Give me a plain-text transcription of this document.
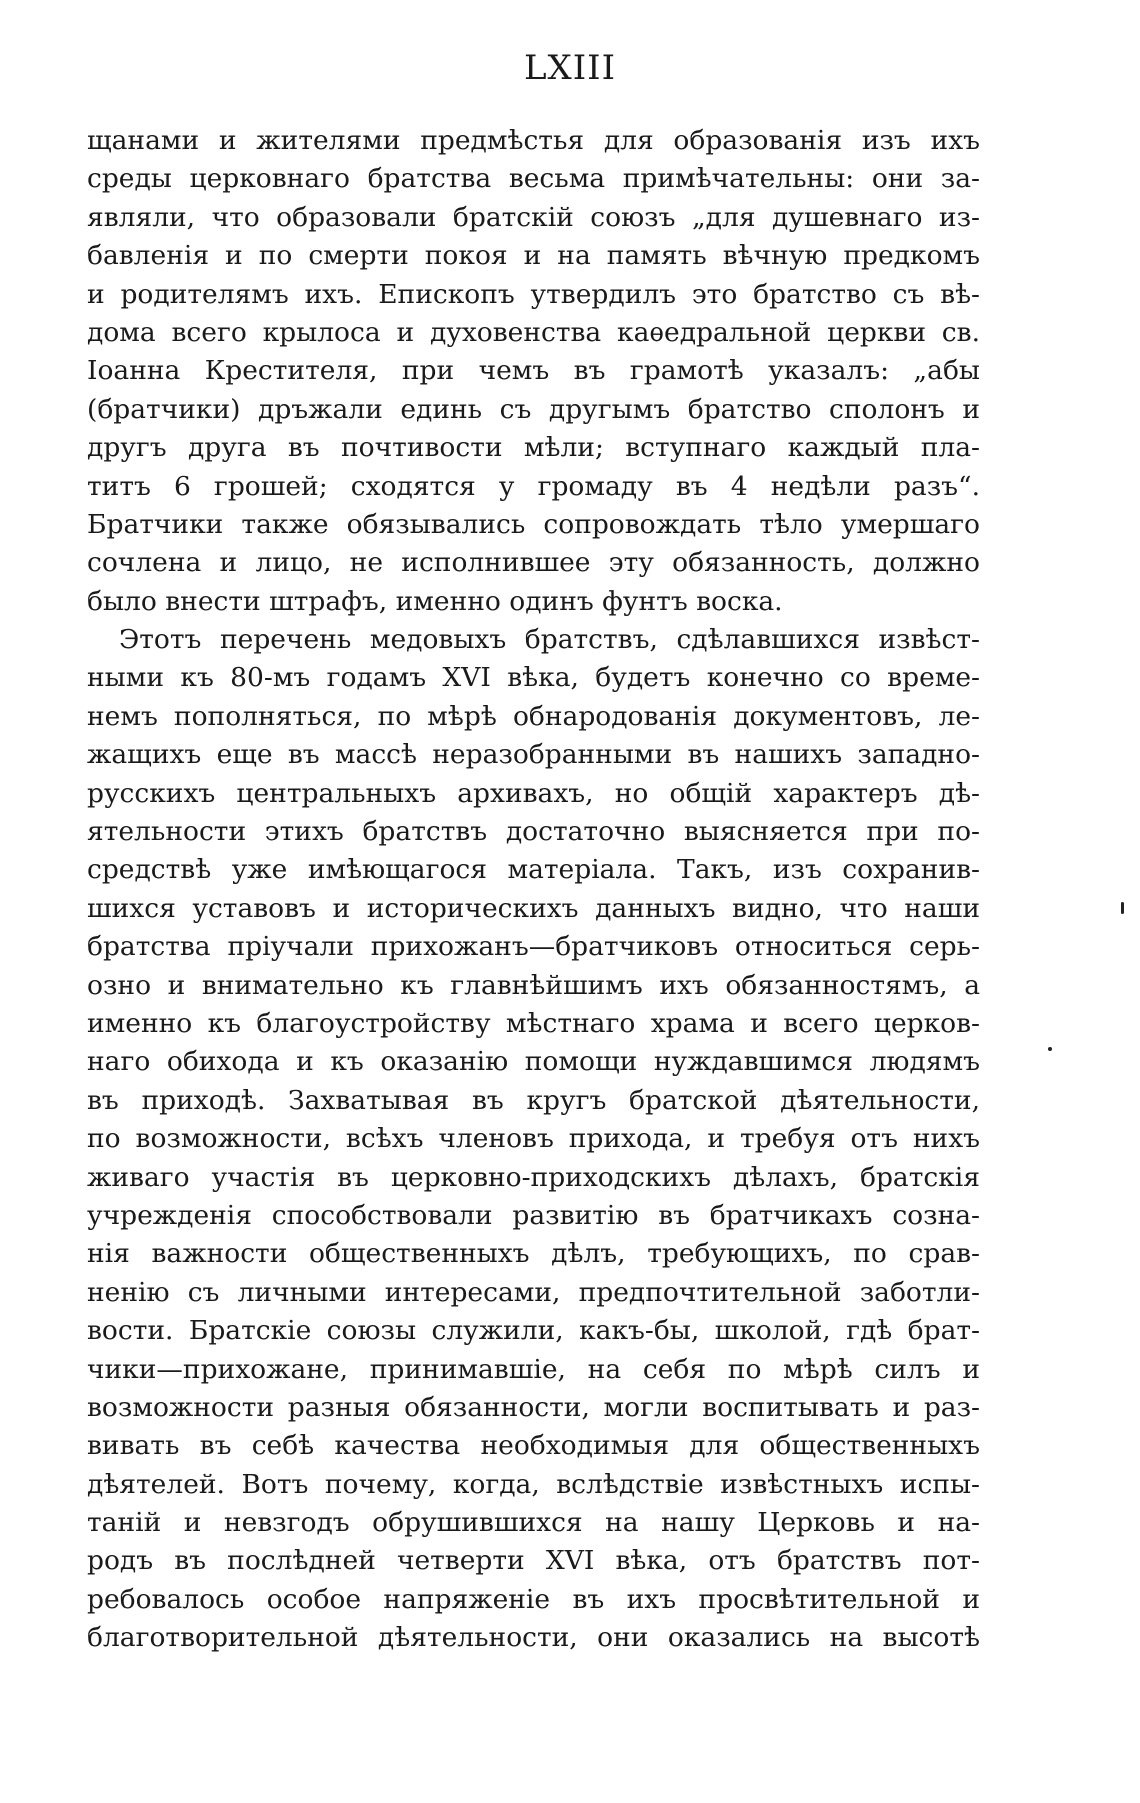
LXIII
щанами и жителями предмѣстья для образованія изъ ихъ
среды церковнаго братства весьма примѣчательны: они за-
являли, что образовали братскій союзъ „для душевнаго из-
бавленія и по смерти покоя и на память вѣчную предкомъ
и родителямъ ихъ. Епископъ утвердилъ это братство съ вѣ-
дома всего крылоса и духовенства каѳедральной церкви св.
Іоанна Крестителя, при чемъ въ грамотѣ указалъ: „абы
(братчики) дръжали единь съ другымъ братство сполонъ и
другъ друга въ почтивости мѣли; вступнаго каждый пла-
титъ 6 грошей; сходятся у громаду въ 4 недѣли разъ“.
Братчики также обязывались сопровождать тѣло умершаго
сочлена и лицо, не исполнившее эту обязанность, должно
было внести штрафъ, именно одинъ фунтъ воска.
Этотъ перечень медовыхъ братствъ, сдѣлавшихся извѣст-
ными къ 80-мъ годамъ XVI вѣка, будетъ конечно со време-
немъ пополняться, по мѣрѣ обнародованія документовъ, ле-
жащихъ еще въ массѣ неразобранными въ нашихъ западно-
русскихъ центральныхъ архивахъ, но общій характеръ дѣ-
ятельности этихъ братствъ достаточно выясняется при по-
средствѣ уже имѣющагося матеріала. Такъ, изъ сохранив-
шихся уставовъ и историческихъ данныхъ видно, что наши
братства пріучали прихожанъ—братчиковъ относиться серь-
озно и внимательно къ главнѣйшимъ ихъ обязанностямъ, а
именно къ благоустройству мѣстнаго храма и всего церков-
наго обихода и къ оказанію помощи нуждавшимся людямъ
въ приходѣ. Захватывая въ кругъ братской дѣятельности,
по возможности, всѣхъ членовъ прихода, и требуя отъ нихъ
живаго участія въ церковно-приходскихъ дѣлахъ, братскія
учрежденія способствовали развитію въ братчикахъ созна-
нія важности общественныхъ дѣлъ, требующихъ, по срав-
ненію съ личными интересами, предпочтительной заботли-
вости. Братскіе союзы служили, какъ-бы, школой, гдѣ брат-
чики—прихожане, принимавшіе, на себя по мѣрѣ силъ и
возможности разныя обязанности, могли воспитывать и раз-
вивать въ себѣ качества необходимыя для общественныхъ
дѣятелей. Вотъ почему, когда, вслѣдствіе извѣстныхъ испы-
таній и невзгодъ обрушившихся на нашу Церковь и на-
родъ въ послѣдней четверти XVI вѣка, отъ братствъ пот-
ребовалось особое напряженіе въ ихъ просвѣтительной и
благотворительной дѣятельности, они оказались на высотѣ
